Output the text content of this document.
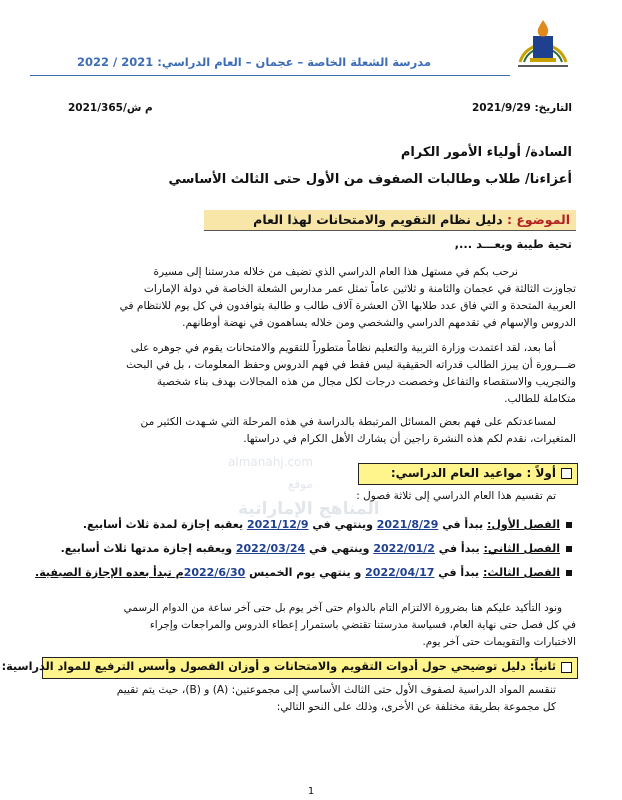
مدرسة الشعلة الخاصة – عجمان – العام الدراسي: 2021 / 2022
التاريخ: 2021/9/29
م ش/2021/365
السادة/ أولياء الأمور الكرام
أعزاءنا/ طلاب وطالبات الصفوف من الأول حتى الثالث الأساسي
الموضوع : دليل نظام التقويم والامتحانات لهذا العام
تحية طيبة وبعـــد ...,
نرحب بكم في مستهل هذا العام الدراسي الذي تضيف من خلاله مدرستنا إلى مسيرة
تجاوزت الثالثة في عجمان والثامنة و ثلاثين عاماً تمثل عمر مدارس الشعلة الخاصة في دولة الإمارات
العربية المتحدة و التي فاق عدد طلابها الآن العشرة آلاف طالب و طالبة يتوافدون في كل يوم للانتظام في
الدروس والإسهام في تقدمهم الدراسي والشخصي ومن خلاله يساهمون في نهضة أوطانهم.
أما بعد، لقد اعتمدت وزارة التربية والتعليم نظاماً متطوراً للتقويم والامتحانات يقوم في جوهره على
ضـــرورة أن يبرز الطالب قدراته الحقيقية ليس فقط في فهم الدروس وحفظ المعلومات ، بل في البحث
والتجريب والاستقصاء والتفاعل وخصصت درجات لكل مجال من هذه المجالات بهدف بناء شخصية
متكاملة للطالب.
لمساعدتكم على فهم بعض المسائل المرتبطة بالدراسة في هذه المرحلة التي شـهدت الكثير من
المتغيرات، نقدم لكم هذه النشرة راجين أن يشارك الأهل الكرام في دراستها.
أولاً : مواعيد العام الدراسي:
تم تقسيم هذا العام الدراسي إلى ثلاثة فصول :
الفصل الأول: يبدأ في 2021/8/29 وينتهي في 2021/12/9 يعقبه إجازة لمدة ثلاث أسابيع.
الفصل الثاني: يبدأ في 2022/01/2 وينتهي في 2022/03/24 ويعقبه إجازة مدتها ثلاث أسابيع.
الفصل الثالث: يبدأ في 2022/04/17 و ينتهي يوم الخميس 2022/6/30م تبدأ بعده الإجازة الصيفية.
ونود التأكيد عليكم هنا بضرورة الالتزام التام بالدوام حتى آخر يوم بل حتى آخر ساعة من الدوام الرسمي
في كل فصل حتى نهاية العام، فسياسة مدرستنا تقتضي باستمرار إعطاء الدروس والمراجعات وإجراء
الاختبارات والتقويمات حتى آخر يوم.
ثانياً: دليل توضيحي حول أدوات التقويم والامتحانات و أوزان الفصول وأسس الترفيع للمواد الدراسية:
تنقسم المواد الدراسية لصفوف الأول حتى الثالث الأساسي إلى مجموعتين: (A) و (B)، حيث يتم تقييم
كل مجموعة بطريقة مختلفة عن الأخرى، وذلك على النحو التالي:
almanahj.com
موقع
المناهج الإماراتية
1
